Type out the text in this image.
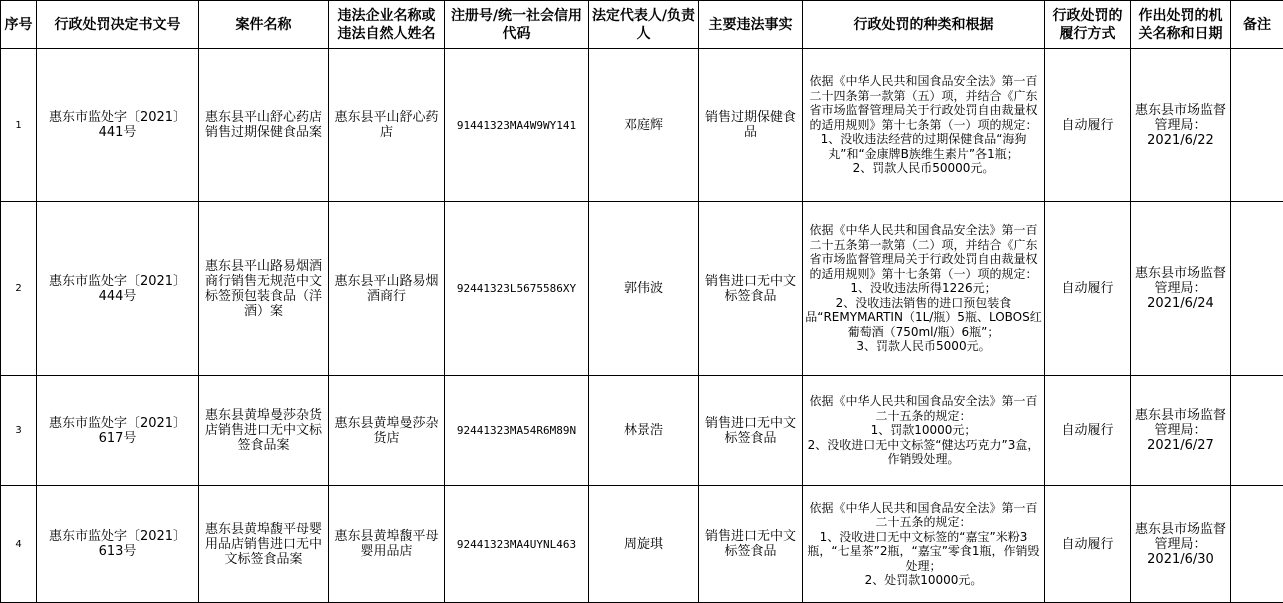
序号	行政处罚决定书文号	案件名称	违法企业名称或违法自然人姓名	注册号/统一社会信用代码	法定代表人/负责人	主要违法事实	行政处罚的种类和根据	行政处罚的履行方式	作出处罚的机关名称和日期	备注
1	惠东市监处字〔2021〕441号	惠东县平山舒心药店销售过期保健食品案	惠东县平山舒心药店	91441323MA4W9WY141	邓庭辉	销售过期保健食品	依据《中华人民共和国食品安全法》第一百二十四条第一款第（五）项，并结合《广东省市场监督管理局关于行政处罚自由裁量权的适用规则》第十七条第（一）项的规定：1、没收违法经营的过期保健食品“海狗丸”和“金康牌B族维生素片”各1瓶；
2、罚款人民币50000元。	自动履行	惠东县市场监督管理局：2021/6/22	
2	惠东市监处字〔2021〕444号	惠东县平山路易烟酒商行销售无规范中文标签预包装食品（洋酒）案	惠东县平山路易烟酒商行	92441323L5675586XY	郭伟波	销售进口无中文标签食品	依据《中华人民共和国食品安全法》第一百二十五条第一款第（二）项，并结合《广东省市场监督管理局关于行政处罚自由裁量权的适用规则》第十七条第（一）项的规定：
1、没收违法所得1226元；
2、没收违法销售的进口预包装食品“REMYMARTIN（1L/瓶）5瓶、LOBOS红葡萄酒（750ml/瓶）6瓶”；
3、罚款人民币5000元。	自动履行	惠东县市场监督管理局：2021/6/24	
3	惠东市监处字〔2021〕617号	惠东县黄埠曼莎杂货店销售进口无中文标签食品案	惠东县黄埠曼莎杂货店	92441323MA54R6M89N	林景浩	销售进口无中文标签食品	依据《中华人民共和国食品安全法》第一百二十五条的规定：
1、罚款10000元；
2、没收进口无中文标签“健达巧克力”3盒，作销毁处理。	自动履行	惠东县市场监督管理局：2021/6/27	
4	惠东市监处字〔2021〕613号	惠东县黄埠馥平母婴用品店销售进口无中文标签食品案	惠东县黄埠馥平母婴用品店	92441323MA4UYNL463	周旋琪	销售进口无中文标签食品	依据《中华人民共和国食品安全法》第一百二十五条的规定：
1、没收进口无中文标签的“嘉宝”米粉3瓶，“七星茶”2瓶，“嘉宝”零食1瓶，作销毁处理；
2、处罚款10000元。	自动履行	惠东县市场监督管理局：2021/6/30	
